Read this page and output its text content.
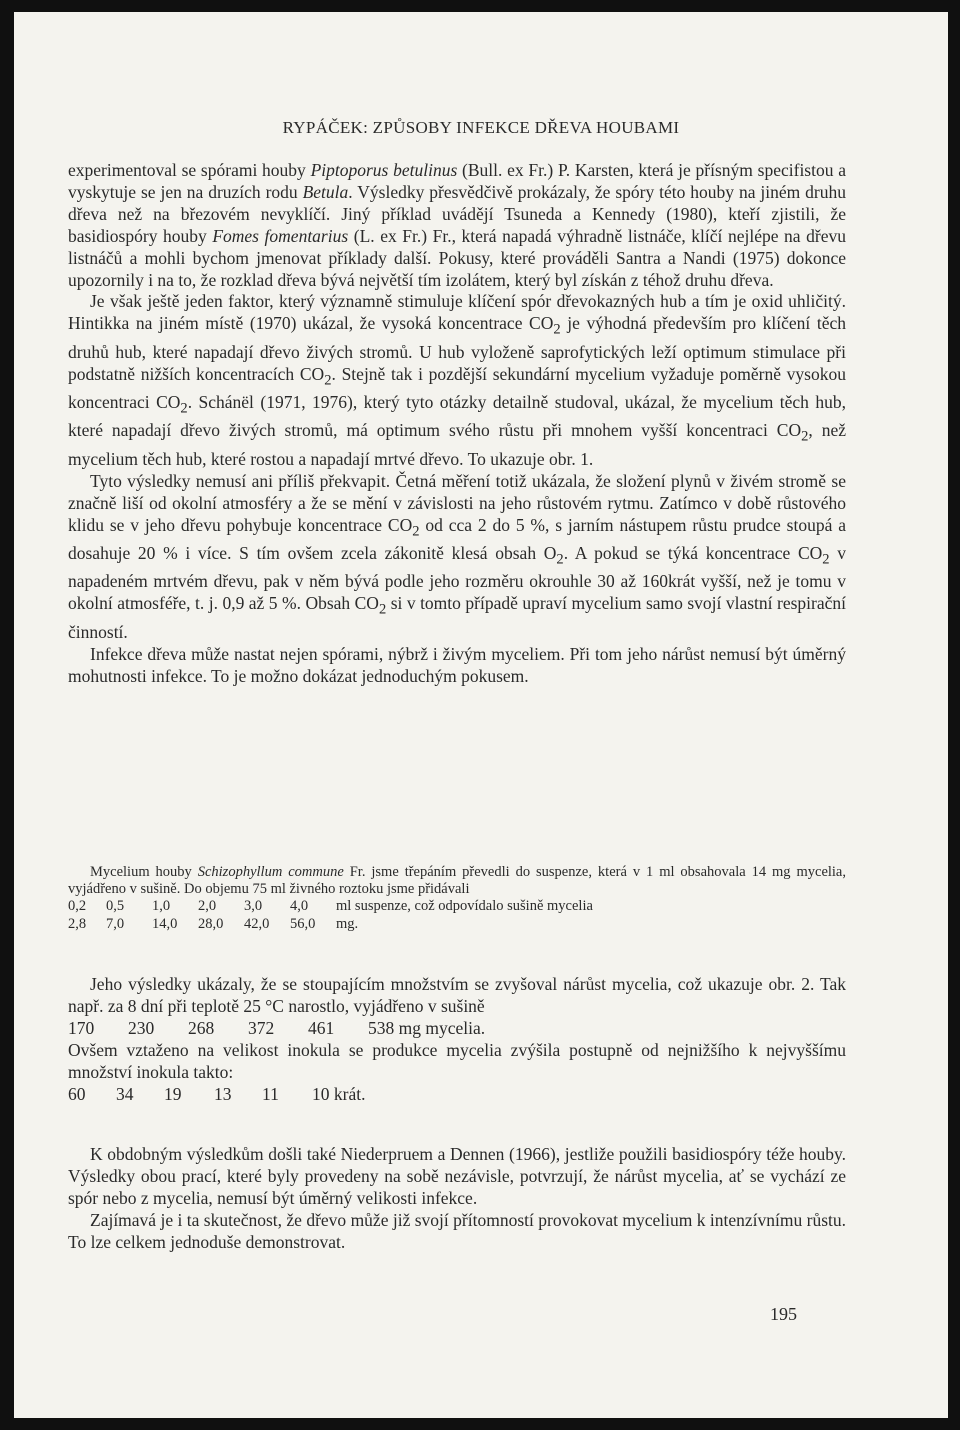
RYPÁČEK: ZPŮSOBY INFEKCE DŘEVA HOUBAMI

experimentoval se spórami houby Piptoporus betulinus (Bull. ex Fr.) P. Karsten, která je přísným specifistou a vyskytuje se jen na druzích rodu Betula. Výsledky přesvědčivě prokázaly, že spóry této houby na jiném druhu dřeva než na březovém nevyklíčí. Jiný příklad uvádějí Tsuneda a Kennedy (1980), kteří zjistili, že basidiospóry houby Fomes fomentarius (L. ex Fr.) Fr., která napadá výhradně listnáče, klíčí nejlépe na dřevu listnáčů a mohli bychom jmenovat příklady další. Pokusy, které prováděli Santra a Nandi (1975) dokonce upozornily i na to, že rozklad dřeva bývá největší tím izolátem, který byl získán z téhož druhu dřeva.

Je však ještě jeden faktor, který významně stimuluje klíčení spór dřevokazných hub a tím je oxid uhličitý. Hintikka na jiném místě (1970) ukázal, že vysoká koncentrace $CO_2$ je výhodná především pro klíčení těch druhů hub, které napadají dřevo živých stromů. U hub vyloženě saprofytických leží optimum stimulace při podstatně nižších koncentracích $CO_2$. Stejně tak i pozdější sekundární mycelium vyžaduje poměrně vysokou koncentraci $CO_2$. Schánël (1971, 1976), který tyto otázky detailně studoval, ukázal, že mycelium těch hub, které napadají dřevo živých stromů, má optimum svého růstu při mnohem vyšší koncentraci $CO_2$, než mycelium těch hub, které rostou a napadají mrtvé dřevo. To ukazuje obr. 1.

Tyto výsledky nemusí ani příliš překvapit. Četná měření totiž ukázala, že složení plynů v živém stromě se značně liší od okolní atmosféry a že se mění v závislosti na jeho růstovém rytmu. Zatímco v době růstového klidu se v jeho dřevu pohybuje koncentrace $CO_2$ od cca 2 do 5 %, s jarním nástupem růstu prudce stoupá a dosahuje 20 % i více. S tím ovšem zcela zákonitě klesá obsah $O_2$. A pokud se týká koncentrace $CO_2$ v napadeném mrtvém dřevu, pak v něm bývá podle jeho rozměru okrouhle 30 až 160krát vyšší, než je tomu v okolní atmosféře, t. j. 0,9 až 5 %. Obsah $CO_2$ si v tomto případě upraví mycelium samo svojí vlastní respirační činností.

Infekce dřeva může nastat nejen spórami, nýbrž i živým myceliem. Při tom jeho nárůst nemusí být úměrný mohutnosti infekce. To je možno dokázat jednoduchým pokusem.

Mycelium houby Schizophyllum commune Fr. jsme třepáním převedli do suspenze, která v 1 ml obsahovala 14 mg mycelia, vyjádřeno v sušině. Do objemu 75 ml živného roztoku jsme přidávali

0,2	0,5	1,0	2,0	3,0	4,0	ml suspenze, což odpovídalo sušině mycelia
2,8	7,0	14,0	28,0	42,0	56,0	mg.

Jeho výsledky ukázaly, že se stoupajícím množstvím se zvyšoval nárůst mycelia, což ukazuje obr. 2. Tak např. za 8 dní při teplotě 25 °C narostlo, vyjádřeno v sušině

170	230	268	372	461	538 mg mycelia.

Ovšem vztaženo na velikost inokula se produkce mycelia zvýšila postupně od nejnižšího k nejvyššímu množství inokula takto:

60	34	19	13	11	10 krát.

K obdobným výsledkům došli také Niederpruem a Dennen (1966), jestliže použili basidiospóry téže houby. Výsledky obou prací, které byly provedeny na sobě nezávisle, potvrzují, že nárůst mycelia, ať se vychází ze spór nebo z mycelia, nemusí být úměrný velikosti infekce.

Zajímavá je i ta skutečnost, že dřevo může již svojí přítomností provokovat mycelium k intenzívnímu růstu. To lze celkem jednoduše demonstrovat.

195
